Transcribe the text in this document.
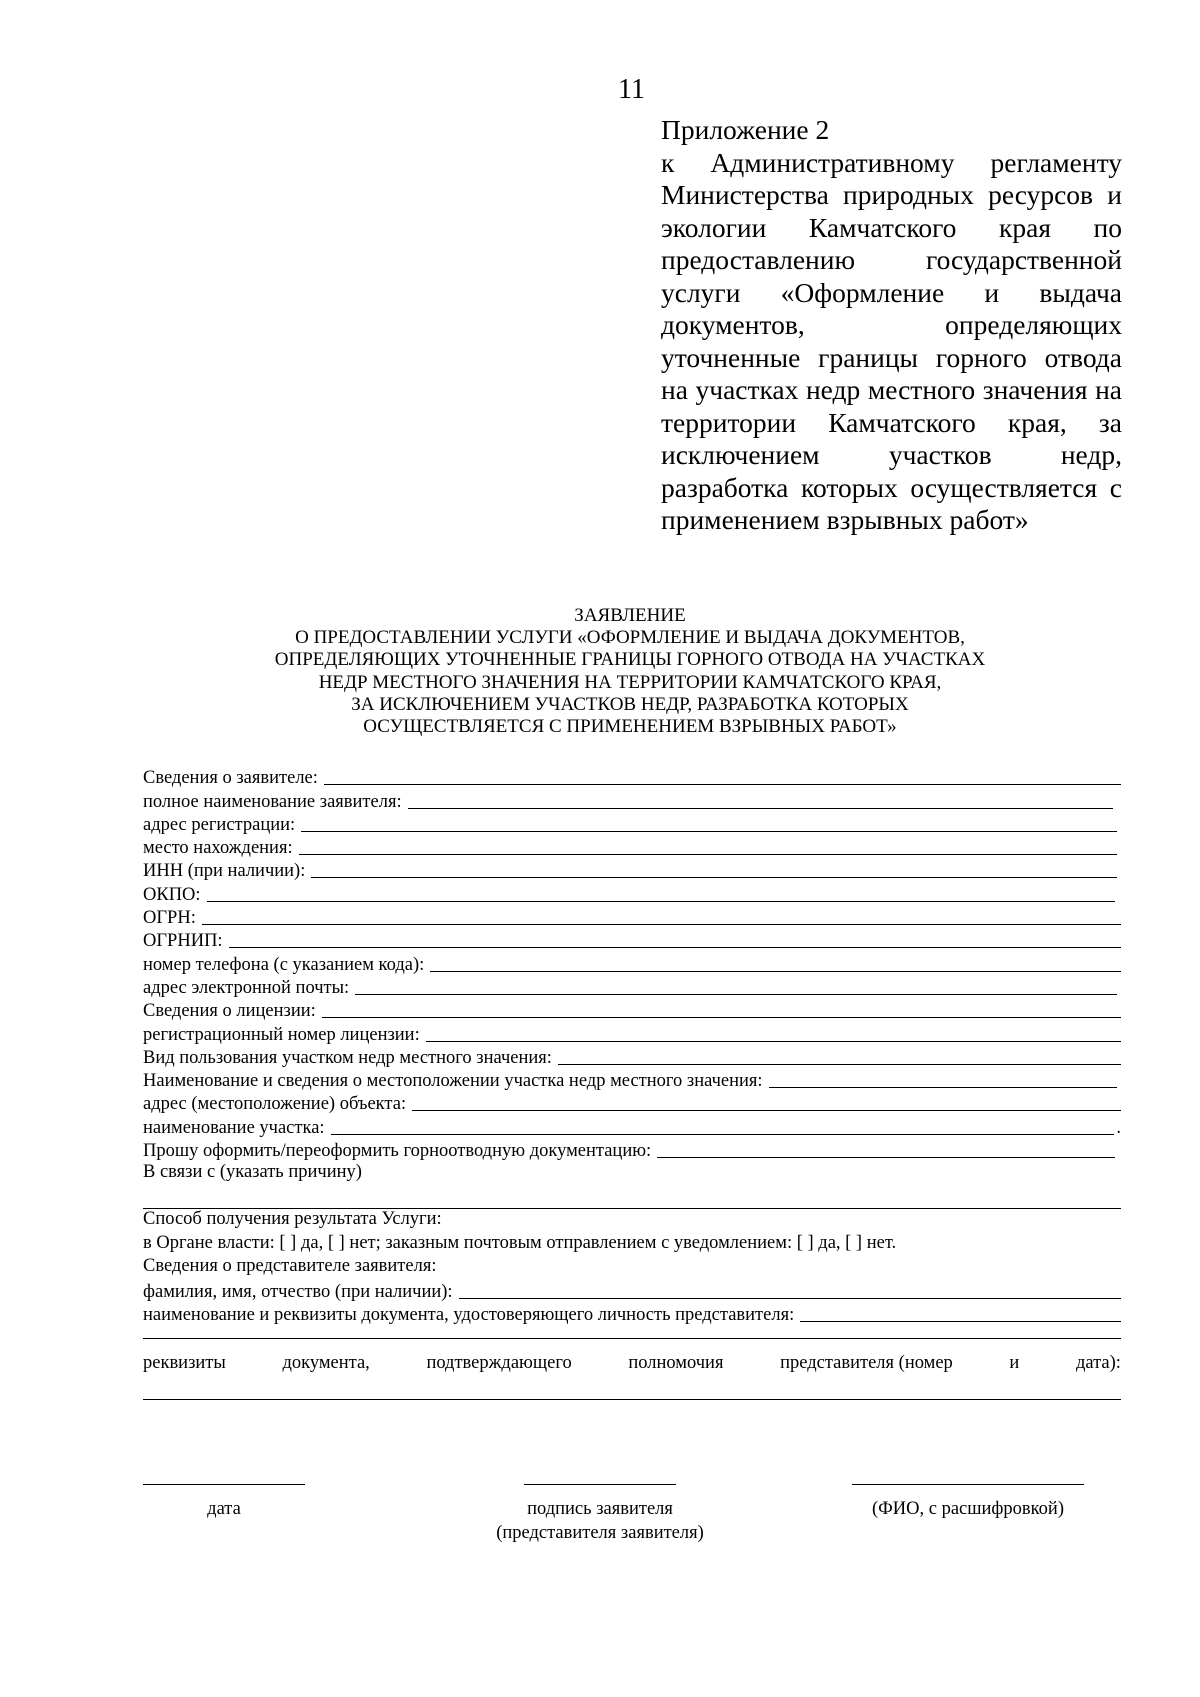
11
Приложение 2

к Административному регламенту Министерства природных ресурсов и экологии Камчатского края по предоставлению государственной услуги «Оформление и выдача документов, определяющих уточненные границы горного отвода на участках недр местного значения на территории Камчатского края, за исключением участков недр, разработка которых осуществляется с применением взрывных работ»

ЗАЯВЛЕНИЕ
О ПРЕДОСТАВЛЕНИИ УСЛУГИ «ОФОРМЛЕНИЕ И ВЫДАЧА ДОКУМЕНТОВ,
ОПРЕДЕЛЯЮЩИХ УТОЧНЕННЫЕ ГРАНИЦЫ ГОРНОГО ОТВОДА НА УЧАСТКАХ
НЕДР МЕСТНОГО ЗНАЧЕНИЯ НА ТЕРРИТОРИИ КАМЧАТСКОГО КРАЯ,
ЗА ИСКЛЮЧЕНИЕМ УЧАСТКОВ НЕДР, РАЗРАБОТКА КОТОРЫХ
ОСУЩЕСТВЛЯЕТСЯ С ПРИМЕНЕНИЕМ ВЗРЫВНЫХ РАБОТ»
Сведения о заявителе:
полное наименование заявителя:
адрес регистрации:
место нахождения:
ИНН (при наличии):
ОКПО:
ОГРН:
ОГРНИП:
номер телефона (с указанием кода):
адрес электронной почты:
Сведения о лицензии:
регистрационный номер лицензии:
Вид пользования участком недр местного значения:
Наименование и сведения о местоположении участка недр местного значения:
адрес (местоположение) объекта:
наименование участка:	.
Прошу оформить/переоформить горноотводную документацию:
В связи с (указать причину)
Способ получения результата Услуги:
в Органе власти: [ ] да, [ ] нет; заказным почтовым отправлением с уведомлением: [ ] да, [ ] нет.
Сведения о представителе заявителя:
фамилия, имя, отчество (при наличии):
наименование и реквизиты документа, удостоверяющего личность представителя:
реквизиты	документа,	подтверждающего	полномочия	представителя (номер	и	дата):
дата	подпись заявителя
(представителя заявителя)
(ФИО, с расшифровкой)
